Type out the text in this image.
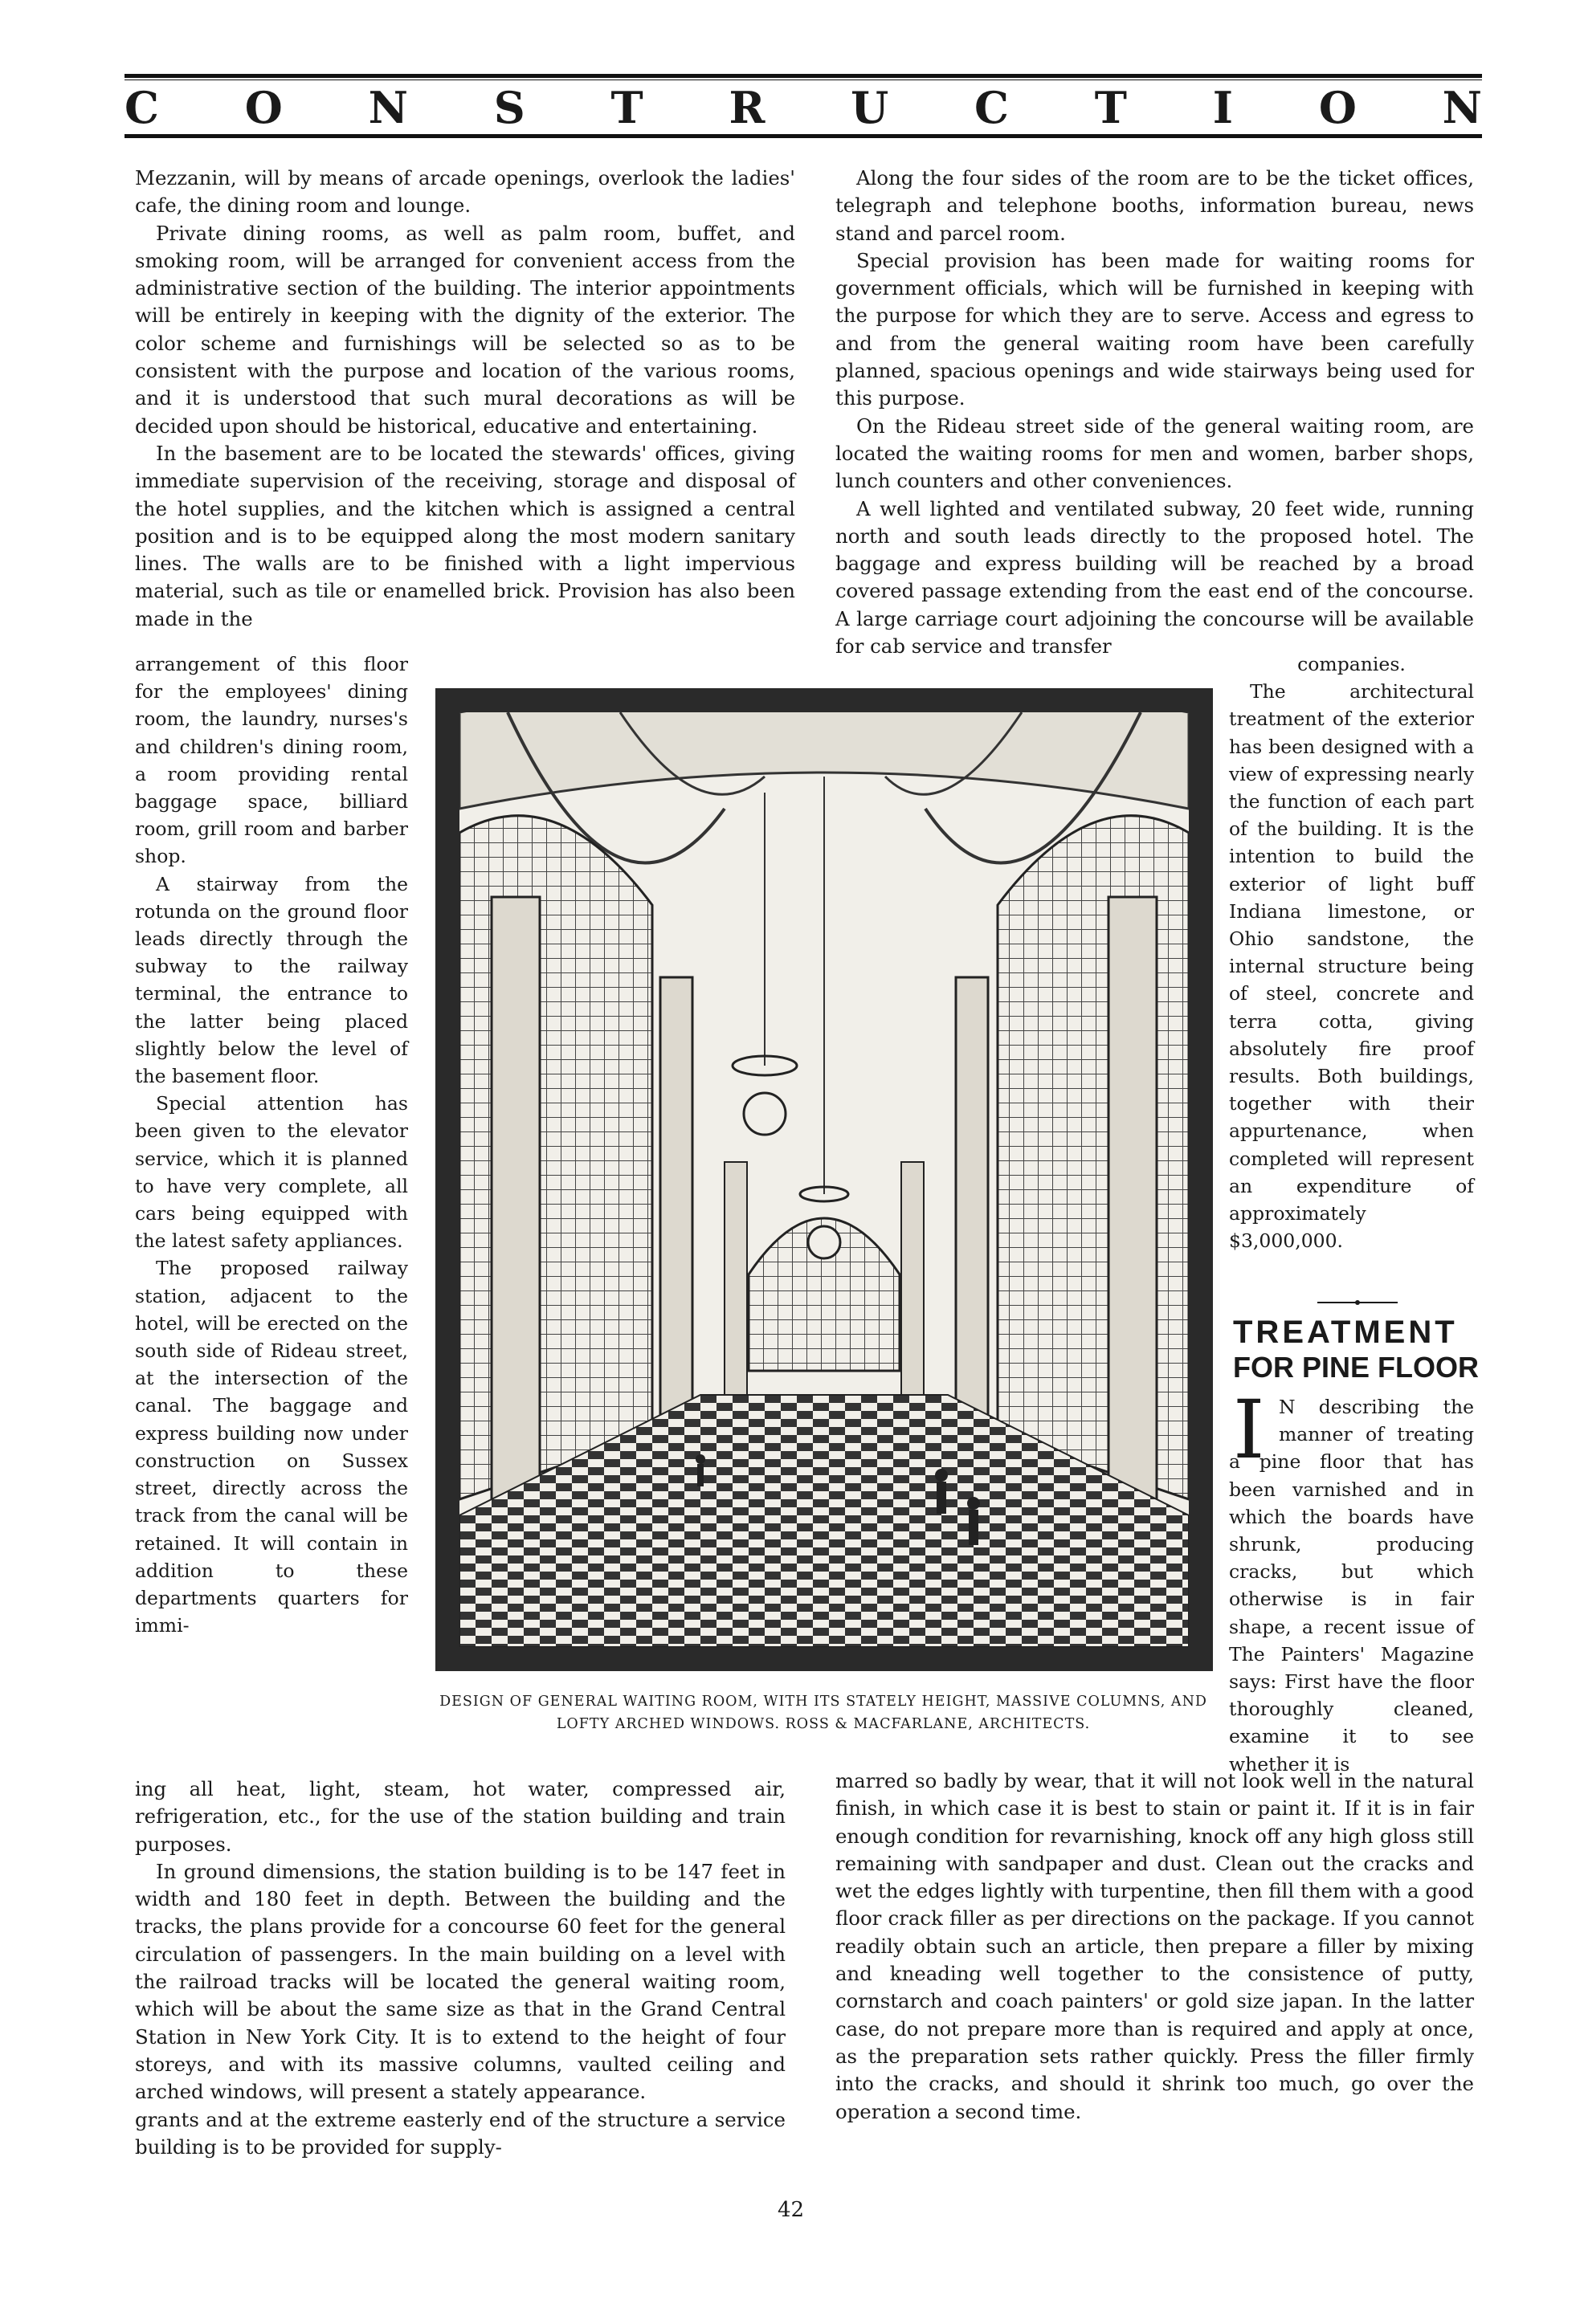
C O N S T R U C T I O N

Mezzanin, will by means of arcade openings, overlook the ladies' cafe, the dining room and lounge.

Private dining rooms, as well as palm room, buffet, and smoking room, will be arranged for convenient access from the administrative section of the building. The interior appointments will be entirely in keeping with the dignity of the exterior. The color scheme and furnishings will be selected so as to be consistent with the purpose and location of the various rooms, and it is understood that such mural decorations as will be decided upon should be historical, educative and entertaining.

In the basement are to be located the stewards' offices, giving immediate supervision of the receiving, storage and disposal of the hotel supplies, and the kitchen which is assigned a central position and is to be equipped along the most modern sanitary lines. The walls are to be finished with a light impervious material, such as tile or enamelled brick. Provision has also been made in the

arrangement of this floor for the employees' dining room, the laundry, nurses's and children's dining room, a room providing rental baggage space, billiard room, grill room and barber shop.

A stairway from the rotunda on the ground floor leads directly through the subway to the railway terminal, the entrance to the latter being placed slightly below the level of the basement floor.

Special attention has been given to the elevator service, which it is planned to have very complete, all cars being equipped with the latest safety appliances.

The proposed railway station, adjacent to the hotel, will be erected on the south side of Rideau street, at the intersection of the canal. The baggage and express building now under construction on Sussex street, directly across the track from the canal will be retained. It will contain in addition to these departments quarters for immi-

ing all heat, light, steam, hot water, compressed air, refrigeration, etc., for the use of the station building and train purposes.

In ground dimensions, the station building is to be 147 feet in width and 180 feet in depth. Between the building and the tracks, the plans provide for a concourse 60 feet for the general circulation of passengers. In the main building on a level with the railroad tracks will be located the general waiting room, which will be about the same size as that in the Grand Central Station in New York City. It is to extend to the height of four storeys, and with its massive columns, vaulted ceiling and arched windows, will present a stately appearance.

grants and at the extreme easterly end of the structure a service building is to be provided for supply-

Along the four sides of the room are to be the ticket offices, telegraph and telephone booths, information bureau, news stand and parcel room.

Special provision has been made for waiting rooms for government officials, which will be furnished in keeping with the purpose for which they are to serve. Access and egress to and from the general waiting room have been carefully planned, spacious openings and wide stairways being used for this purpose.

On the Rideau street side of the general waiting room, are located the waiting rooms for men and women, barber shops, lunch counters and other conveniences.

A well lighted and ventilated subway, 20 feet wide, running north and south leads directly to the proposed hotel. The baggage and express building will be reached by a broad covered passage extending from the east end of the concourse. A large carriage court adjoining the concourse will be available for cab service and transfer

companies.

The architectural treatment of the exterior has been designed with a view of expressing nearly the function of each part of the building. It is the intention to build the exterior of light buff Indiana limestone, or Ohio sandstone, the internal structure being of steel, concrete and terra cotta, giving absolutely fire proof results. Both buildings, together with their appurtenance, when completed will represent an expenditure of approximately $3,000,000.

TREATMENT
FOR PINE FLOOR
I N describing the manner of treating a pine floor that has been varnished and in which the boards have shrunk, producing cracks, but which otherwise is in fair shape, a recent issue of The Painters' Magazine says: First have the floor thoroughly cleaned, examine it to see whether it is

marred so badly by wear, that it will not look well in the natural finish, in which case it is best to stain or paint it. If it is in fair enough condition for revarnishing, knock off any high gloss still remaining with sandpaper and dust. Clean out the cracks and wet the edges lightly with turpentine, then fill them with a good floor crack filler as per directions on the package. If you cannot readily obtain such an article, then prepare a filler by mixing and kneading well together to the consistence of putty, cornstarch and coach painters' or gold size japan. In the latter case, do not prepare more than is required and apply at once, as the preparation sets rather quickly. Press the filler firmly into the cracks, and should it shrink too much, go over the operation a second time.

DESIGN OF GENERAL WAITING ROOM, WITH ITS STATELY HEIGHT, MASSIVE COLUMNS, AND LOFTY ARCHED WINDOWS. ROSS & MACFARLANE, ARCHITECTS.
42
